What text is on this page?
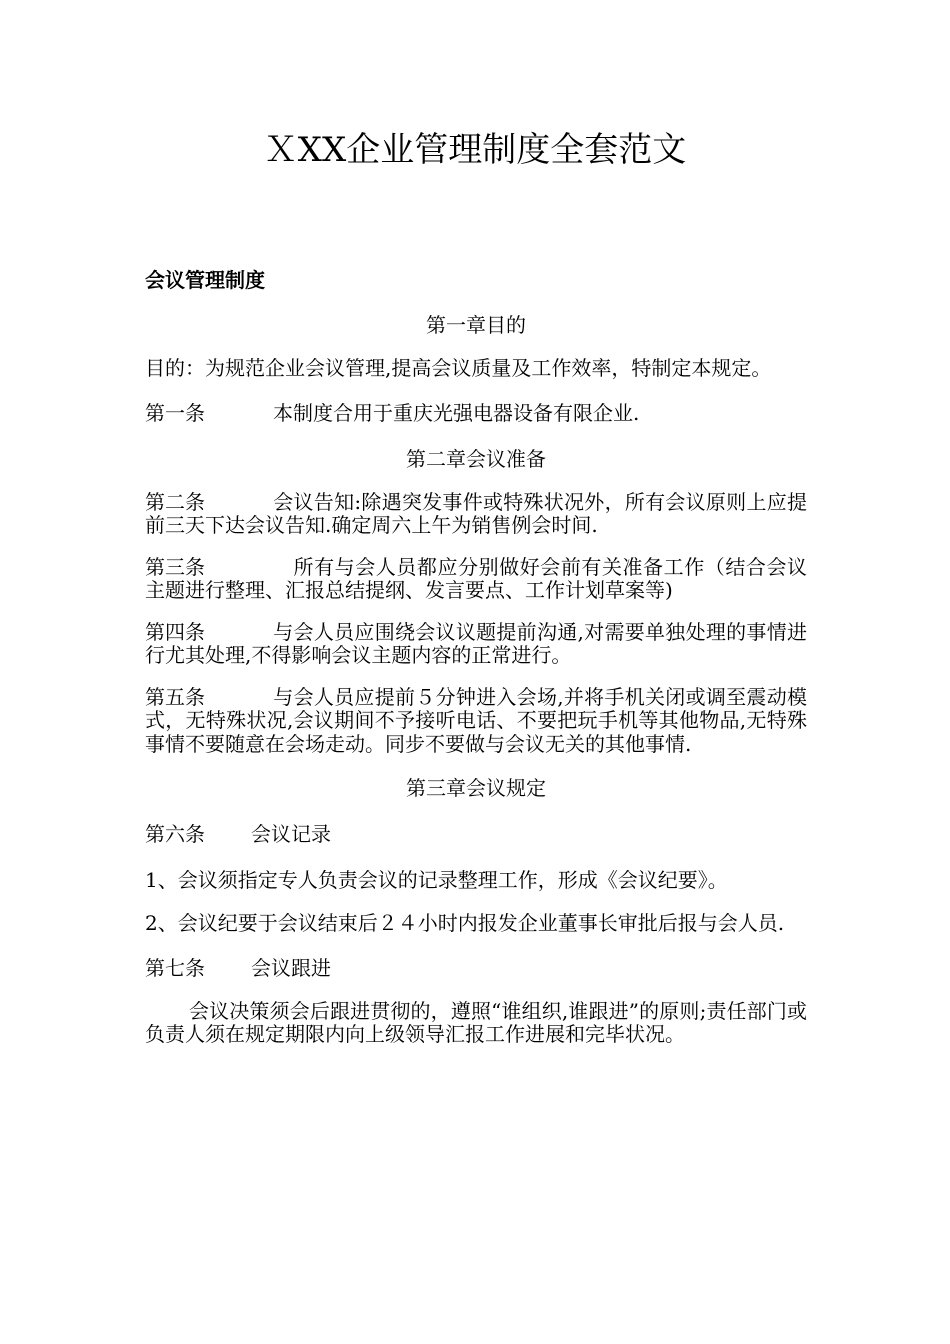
ＸXX企业管理制度全套范文
会议管理制度
第一章目的
目的：为规范企业会议管理,提高会议质量及工作效率，特制定本规定。
第一条	本制度合用于重庆光强电器设备有限企业.
第二章会议准备
第二条	会议告知:除遇突发事件或特殊状况外，所有会议原则上应提前三天下达会议告知.确定周六上午为销售例会时间.
第三条	所有与会人员都应分别做好会前有关准备工作（结合会议主题进行整理、汇报总结提纲、发言要点、工作计划草案等)
第四条	与会人员应围绕会议议题提前沟通,对需要单独处理的事情进行尤其处理,不得影响会议主题内容的正常进行。
第五条	与会人员应提前５分钟进入会场,并将手机关闭或调至震动模式，无特殊状况,会议期间不予接听电话、不要把玩手机等其他物品,无特殊事情不要随意在会场走动。同步不要做与会议无关的其他事情.
第三章会议规定
第六条 会议记录
1、会议须指定专人负责会议的记录整理工作，形成《会议纪要》。
2、会议纪要于会议结束后２４小时内报发企业董事长审批后报与会人员.
第七条 会议跟进
会议决策须会后跟进贯彻的，遵照“谁组织,谁跟进”的原则;责任部门或负责人须在规定期限内向上级领导汇报工作进展和完毕状况。
